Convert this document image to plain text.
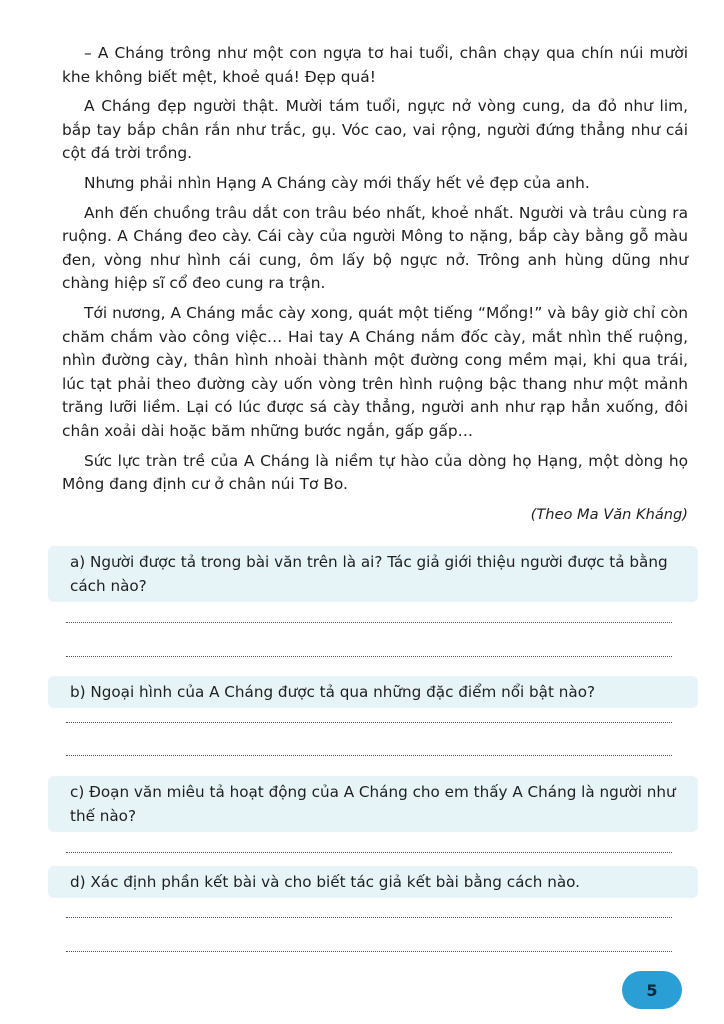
– A Cháng trông như một con ngựa tơ hai tuổi, chân chạy qua chín núi mười khe không biết mệt, khoẻ quá! Đẹp quá!

A Cháng đẹp người thật. Mười tám tuổi, ngực nở vòng cung, da đỏ như lim, bắp tay bắp chân rắn như trắc, gụ. Vóc cao, vai rộng, người đứng thẳng như cái cột đá trời trồng.

Nhưng phải nhìn Hạng A Cháng cày mới thấy hết vẻ đẹp của anh.

Anh đến chuồng trâu dắt con trâu béo nhất, khoẻ nhất. Người và trâu cùng ra ruộng. A Cháng đeo cày. Cái cày của người Mông to nặng, bắp cày bằng gỗ màu đen, vòng như hình cái cung, ôm lấy bộ ngực nở. Trông anh hùng dũng như chàng hiệp sĩ cổ đeo cung ra trận.

Tới nương, A Cháng mắc cày xong, quát một tiếng “Mổng!” và bây giờ chỉ còn chăm chắm vào công việc… Hai tay A Cháng nắm đốc cày, mắt nhìn thế ruộng, nhìn đường cày, thân hình nhoài thành một đường cong mềm mại, khi qua trái, lúc tạt phải theo đường cày uốn vòng trên hình ruộng bậc thang như một mảnh trăng lưỡi liềm. Lại có lúc được sá cày thẳng, người anh như rạp hẳn xuống, đôi chân xoải dài hoặc băm những bước ngắn, gấp gấp…

Sức lực tràn trề của A Cháng là niềm tự hào của dòng họ Hạng, một dòng họ Mông đang định cư ở chân núi Tơ Bo.

(Theo Ma Văn Kháng)
a) Người được tả trong bài văn trên là ai? Tác giả giới thiệu người được tả bằng cách nào?
b) Ngoại hình của A Cháng được tả qua những đặc điểm nổi bật nào?
c) Đoạn văn miêu tả hoạt động của A Cháng cho em thấy A Cháng là người như thế nào?
d) Xác định phần kết bài và cho biết tác giả kết bài bằng cách nào.
5
